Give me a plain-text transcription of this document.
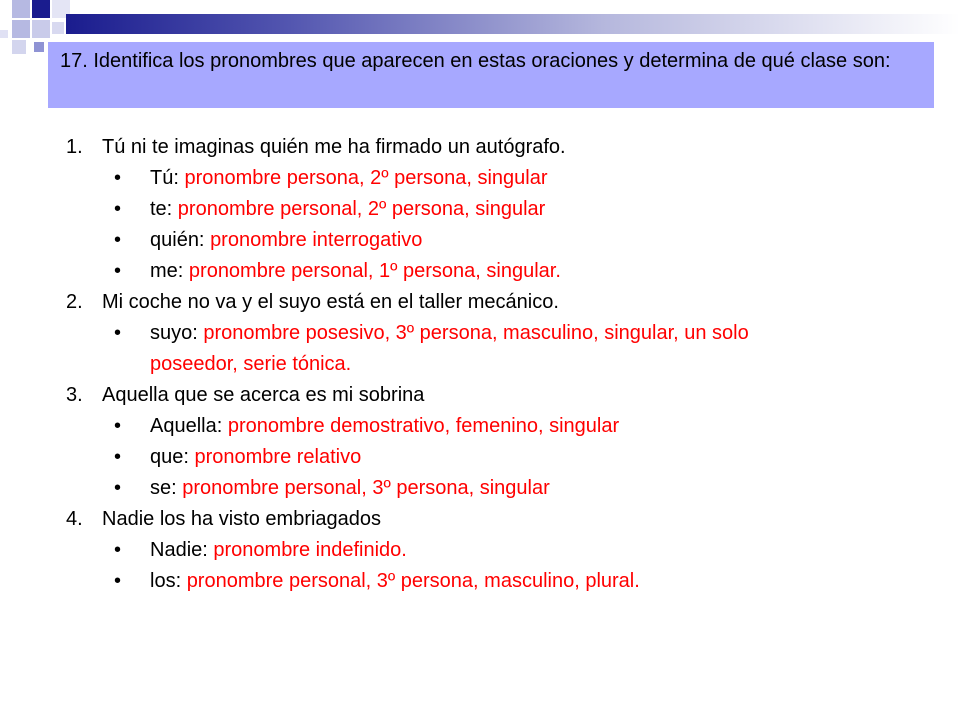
17. Identifica los pronombres que aparecen en estas oraciones y determina de qué clase son:
1. Tú ni te imaginas quién me ha firmado un autógrafo.
• Tú: pronombre persona, 2º persona, singular
• te: pronombre personal, 2º persona, singular
• quién: pronombre interrogativo
• me: pronombre personal, 1º persona, singular.
2. Mi coche no va y el suyo está en el taller mecánico.
• suyo: pronombre posesivo, 3º persona, masculino, singular, un solo
poseedor, serie tónica.
3. Aquella que se acerca es mi sobrina
• Aquella: pronombre demostrativo, femenino, singular
• que: pronombre relativo
• se: pronombre personal, 3º persona, singular
4. Nadie los ha visto embriagados
• Nadie: pronombre indefinido.
• los: pronombre personal, 3º persona, masculino, plural.
